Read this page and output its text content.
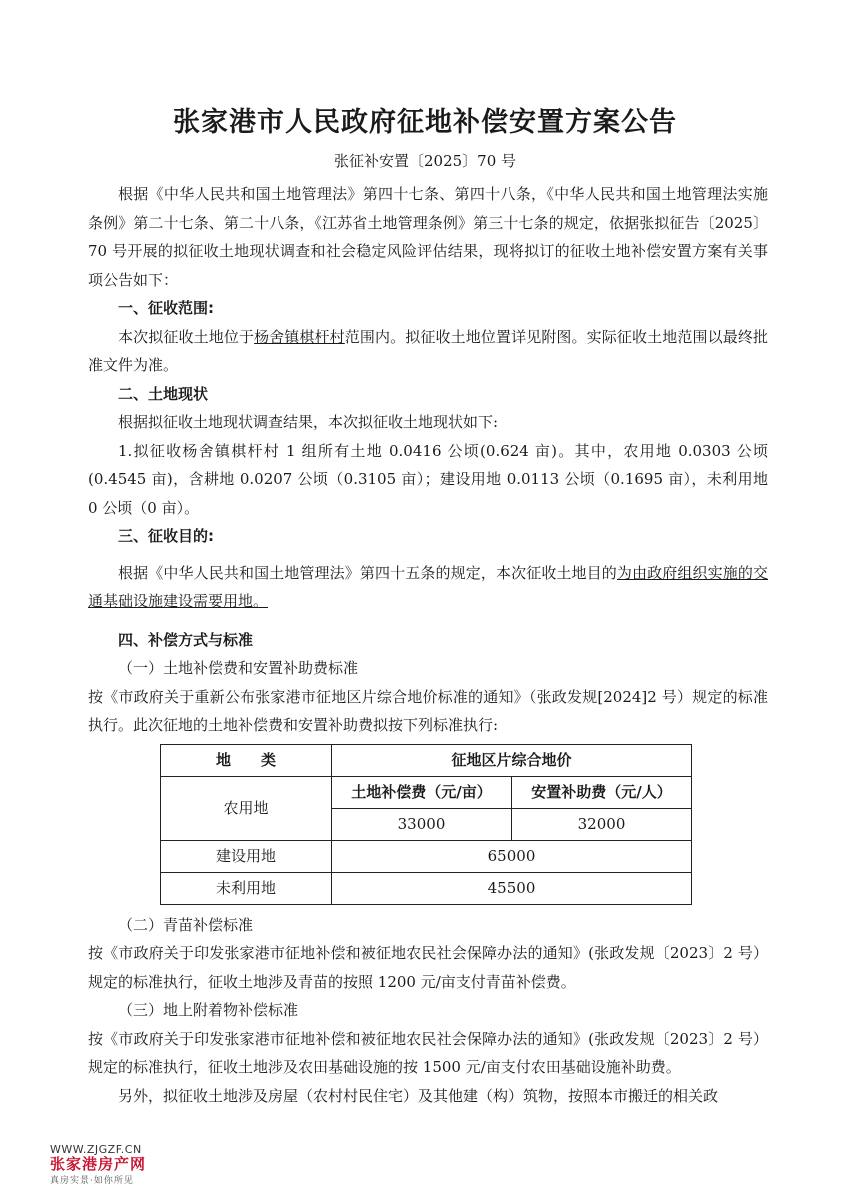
张家港市人民政府征地补偿安置方案公告
张征补安置〔2025〕70 号

根据《中华人民共和国土地管理法》第四十七条、第四十八条，《中华人民共和国土地管理法实施条例》第二十七条、第二十八条，《江苏省土地管理条例》第三十七条的规定，依据张拟征告〔2025〕70 号开展的拟征收土地现状调查和社会稳定风险评估结果，现将拟订的征收土地补偿安置方案有关事项公告如下：

一、征收范围:

本次拟征收土地位于杨舍镇棋杆村范围内。拟征收土地位置详见附图。实际征收土地范围以最终批准文件为准。

二、土地现状

根据拟征收土地现状调查结果，本次拟征收土地现状如下:

1.拟征收杨舍镇棋杆村 1 组所有土地 0.0416 公顷(0.624 亩)。其中，农用地 0.0303 公顷(0.4545 亩)，含耕地 0.0207 公顷（0.3105 亩）；建设用地 0.0113 公顷（0.1695 亩），未利用地 0 公顷（0 亩）。

三、征收目的:

根据《中华人民共和国土地管理法》第四十五条的规定，本次征收土地目的为由政府组织实施的交通基础设施建设需要用地。

四、补偿方式与标准
（一）土地补偿费和安置补助费标准

按《市政府关于重新公布张家港市征地区片综合地价标准的通知》（张政发规[2024]2 号）规定的标准执行。此次征地的土地补偿费和安置补助费拟按下列标准执行:

地　　类	征地区片综合地价	
农用地	土地补偿费（元/亩）	安置补助费（元/人）
	33000	32000
建设用地	65000	
未利用地	45500	
（二）青苗补偿标准

按《市政府关于印发张家港市征地补偿和被征地农民社会保障办法的通知》(张政发规〔2023〕2 号）规定的标准执行，征收土地涉及青苗的按照 1200 元/亩支付青苗补偿费。

（三）地上附着物补偿标准

按《市政府关于印发张家港市征地补偿和被征地农民社会保障办法的通知》(张政发规〔2023〕2 号）规定的标准执行，征收土地涉及农田基础设施的按 1500 元/亩支付农田基础设施补助费。

另外，拟征收土地涉及房屋（农村村民住宅）及其他建（构）筑物，按照本市搬迁的相关政

WWW.ZJGZF.CN
张家港房产网
真房实景·如你所见
